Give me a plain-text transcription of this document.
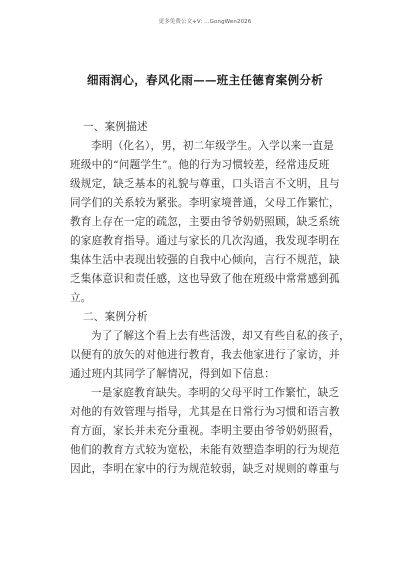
更多免费公文+V: ...GongWen2026
细雨润心，春风化雨——班主任德育案例分析
一、案例描述
李明（化名），男，初二年级学生。入学以来一直是
班级中的“问题学生”。他的行为习惯较差，经常违反班
级规定，缺乏基本的礼貌与尊重，口头语言不文明，且与
同学们的关系较为紧张。李明家境普通，父母工作繁忙，
教育上存在一定的疏忽，主要由爷爷奶奶照顾，缺乏系统
的家庭教育指导。通过与家长的几次沟通，我发现李明在
集体生活中表现出较强的自我中心倾向，言行不规范，缺
乏集体意识和责任感，这也导致了他在班级中常常感到孤
立。
二、案例分析
为了了解这个看上去有些活泼，却又有些自私的孩子，
以便有的放矢的对他进行教育，我去他家进行了家访，并
通过班内其同学了解情况，得到如下信息：
一是家庭教育缺失。李明的父母平时工作繁忙，缺乏
对他的有效管理与指导，尤其是在日常行为习惯和语言教
育方面，家长并未充分重视。李明主要由爷爷奶奶照看，
他们的教育方式较为宽松，未能有效塑造李明的行为规范
因此，李明在家中的行为规范较弱，缺乏对规则的尊重与
